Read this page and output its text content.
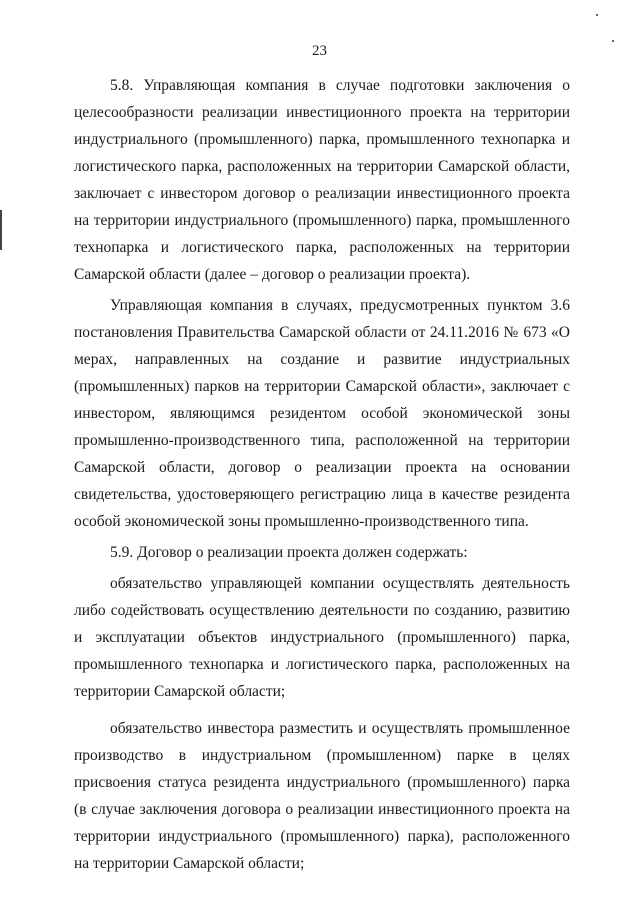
23

5.8. Управляющая компания в случае подготовки заключения о целесообразности реализации инвестиционного проекта на территории индустриального (промышленного) парка, промышленного технопарка и логистического парка, расположенных на территории Самарской области, заключает с инвестором договор о реализации инвестиционного проекта на территории индустриального (промышленного) парка, промышленного технопарка и логистического парка, расположенных на территории Самарской области (далее – договор о реализации проекта).

Управляющая компания в случаях, предусмотренных пунктом 3.6 постановления Правительства Самарской области от 24.11.2016 № 673 «О мерах, направленных на создание и развитие индустриальных (промышленных) парков на территории Самарской области», заключает с инвестором, являющимся резидентом особой экономической зоны промышленно-производственного типа, расположенной на территории Самарской области, договор о реализации проекта на основании свидетельства, удостоверяющего регистрацию лица в качестве резидента особой экономической зоны промышленно-производственного типа.

5.9. Договор о реализации проекта должен содержать:

обязательство управляющей компании осуществлять деятельность либо содействовать осуществлению деятельности по созданию, развитию и эксплуатации объектов индустриального (промышленного) парка, промышленного технопарка и логистического парка, расположенных на территории Самарской области;

обязательство инвестора разместить и осуществлять промышленное производство в индустриальном (промышленном) парке в целях присвоения статуса резидента индустриального (промышленного) парка (в случае заключения договора о реализации инвестиционного проекта на территории индустриального (промышленного) парка), расположенного на территории Самарской области;
